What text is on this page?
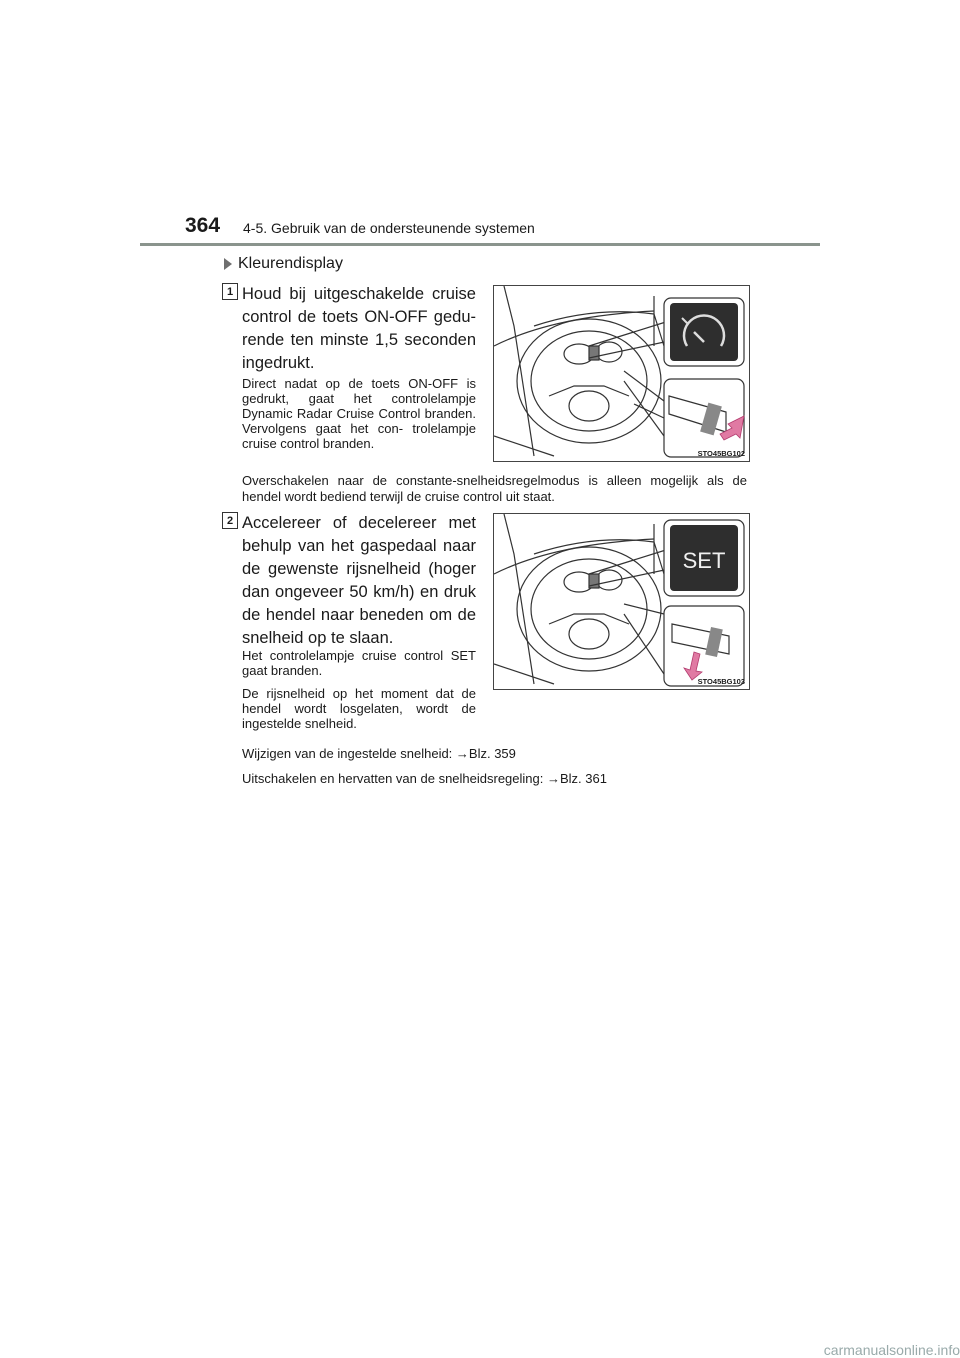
364 4-5. Gebruik van de ondersteunende systemen
Kleurendisplay
1 Houd bij uitgeschakelde cruise control de toets ON-OFF gedu- rende ten minste 1,5 seconden ingedrukt.
Direct nadat op de toets ON-OFF is gedrukt, gaat het controlelampje Dynamic Radar Cruise Control branden. Vervolgens gaat het con- trolelampje cruise control branden.
STO45BG102
Overschakelen naar de constante-snelheidsregelmodus is alleen mogelijk als de hendel wordt bediend terwijl de cruise control uit staat.
2 Accelereer of decelereer met behulp van het gaspedaal naar de gewenste rijsnelheid (hoger dan ongeveer 50 km/h) en druk de hendel naar beneden om de snelheid op te slaan.
Het controlelampje cruise control SET gaat branden.
De rijsnelheid op het moment dat de hendel wordt losgelaten, wordt de ingestelde snelheid.
SET
STO45BG103
Wijzigen van de ingestelde snelheid: →Blz. 359
Uitschakelen en hervatten van de snelheidsregeling: →Blz. 361
carmanualsonline.info
